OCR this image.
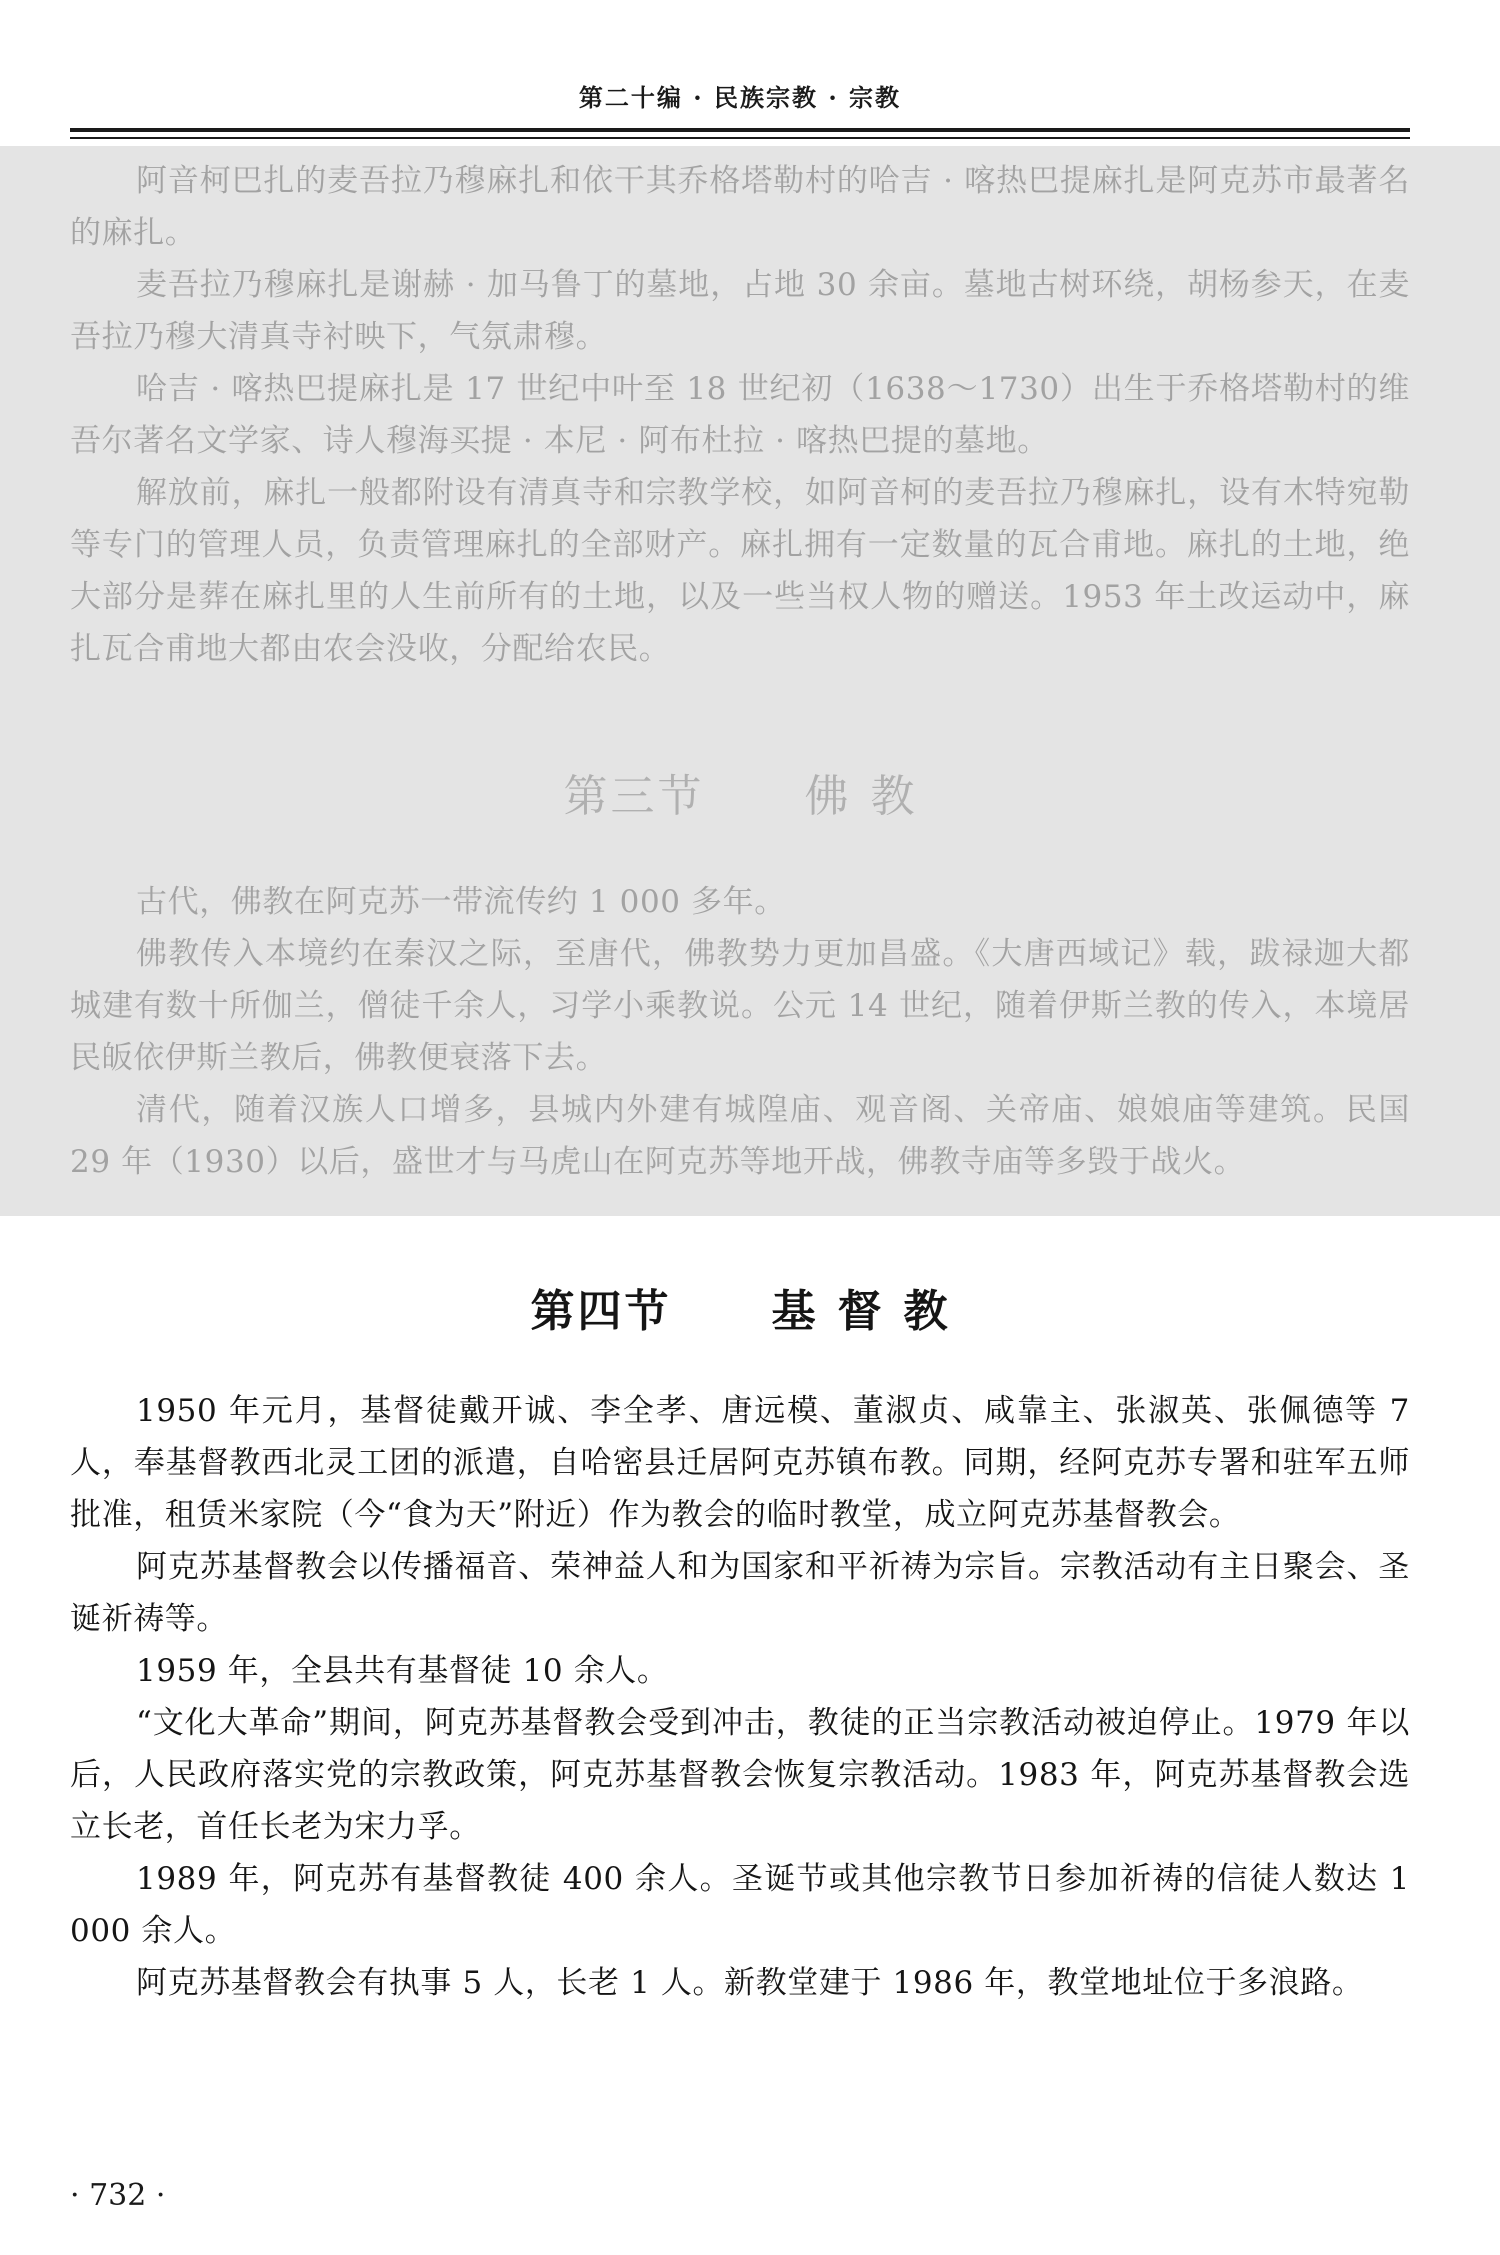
第二十编 · 民族宗教 · 宗教

阿音柯巴扎的麦吾拉乃穆麻扎和依干其乔格塔勒村的哈吉 · 喀热巴提麻扎是阿克苏市最著名的麻扎。

麦吾拉乃穆麻扎是谢赫 · 加马鲁丁的墓地，占地 30 余亩。墓地古树环绕，胡杨参天，在麦吾拉乃穆大清真寺衬映下，气氛肃穆。

哈吉 · 喀热巴提麻扎是 17 世纪中叶至 18 世纪初（1638～1730）出生于乔格塔勒村的维吾尔著名文学家、诗人穆海买提 · 本尼 · 阿布杜拉 · 喀热巴提的墓地。

解放前，麻扎一般都附设有清真寺和宗教学校，如阿音柯的麦吾拉乃穆麻扎，设有木特宛勒等专门的管理人员，负责管理麻扎的全部财产。麻扎拥有一定数量的瓦合甫地。麻扎的土地，绝大部分是葬在麻扎里的人生前所有的土地，以及一些当权人物的赠送。1953 年土改运动中，麻扎瓦合甫地大都由农会没收，分配给农民。

第三节 佛教

古代，佛教在阿克苏一带流传约 1 000 多年。

佛教传入本境约在秦汉之际，至唐代，佛教势力更加昌盛。《大唐西域记》载，跋禄迦大都城建有数十所伽兰，僧徒千余人，习学小乘教说。公元 14 世纪，随着伊斯兰教的传入，本境居民皈依伊斯兰教后，佛教便衰落下去。

清代，随着汉族人口增多，县城内外建有城隍庙、观音阁、关帝庙、娘娘庙等建筑。民国 29 年（1930）以后，盛世才与马虎山在阿克苏等地开战，佛教寺庙等多毁于战火。

第四节 基督教

1950 年元月，基督徒戴开诚、李全孝、唐远模、董淑贞、咸靠主、张淑英、张佩德等 7 人，奉基督教西北灵工团的派遣，自哈密县迁居阿克苏镇布教。同期，经阿克苏专署和驻军五师批准，租赁米家院（今“食为天”附近）作为教会的临时教堂，成立阿克苏基督教会。

阿克苏基督教会以传播福音、荣神益人和为国家和平祈祷为宗旨。宗教活动有主日聚会、圣诞祈祷等。

1959 年，全县共有基督徒 10 余人。

“文化大革命”期间，阿克苏基督教会受到冲击，教徒的正当宗教活动被迫停止。1979 年以后，人民政府落实党的宗教政策，阿克苏基督教会恢复宗教活动。1983 年，阿克苏基督教会选立长老，首任长老为宋力孚。

1989 年，阿克苏有基督教徒 400 余人。圣诞节或其他宗教节日参加祈祷的信徒人数达 1 000 余人。

阿克苏基督教会有执事 5 人，长老 1 人。新教堂建于 1986 年，教堂地址位于多浪路。

· 732 ·
